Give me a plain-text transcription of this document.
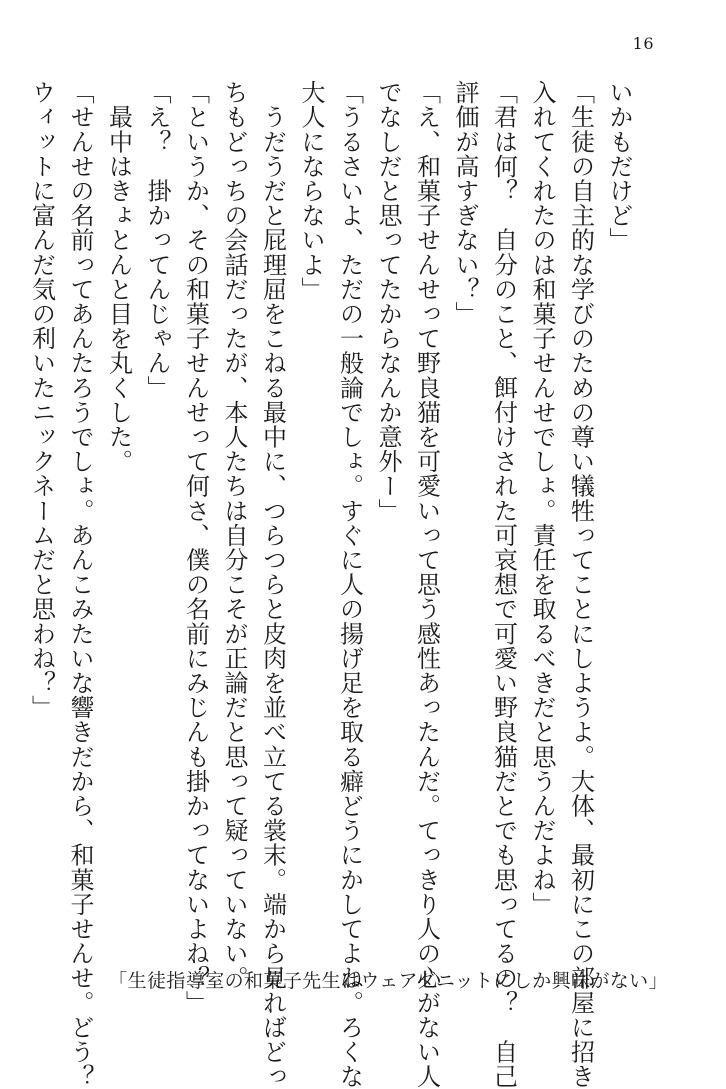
16
いかもだけど」
「生徒の自主的な学びのための尊い犠牲ってことにしようよ。大体、最初にこの部屋に招き
入れてくれたのは和菓子せんせでしょ。責任を取るべきだと思うんだよね」
「君は何？　自分のこと、餌付けされた可哀想で可愛い野良猫だとでも思ってるの？　自己
評価が高すぎない？」
「え、和菓子せんせって野良猫を可愛いって思う感性あったんだ。てっきり人の心がない人
でなしだと思ってたからなんか意外ー」
「うるさいよ、ただの一般論でしょ。すぐに人の揚げ足を取る癖どうにかしてよね。ろくな
大人にならないよ」
　うだうだと屁理屈をこねる最中に、つらつらと皮肉を並べ立てる裳末。端から見ればどっ
ちもどっちの会話だったが、本人たちは自分こそが正論だと思って疑っていない。
「というか、その和菓子せんせって何さ、僕の名前にみじんも掛かってないよね？」
「え？　掛かってんじゃん」
　最中はきょとんと目を丸くした。
「せんせの名前ってあんたろうでしょ。あんこみたいな響きだから、和菓子せんせ。どう？
ウィットに富んだ気の利いたニックネームだと思わね？」
「生徒指導室の和菓子先生はウェアダニットにしか興味がない」
